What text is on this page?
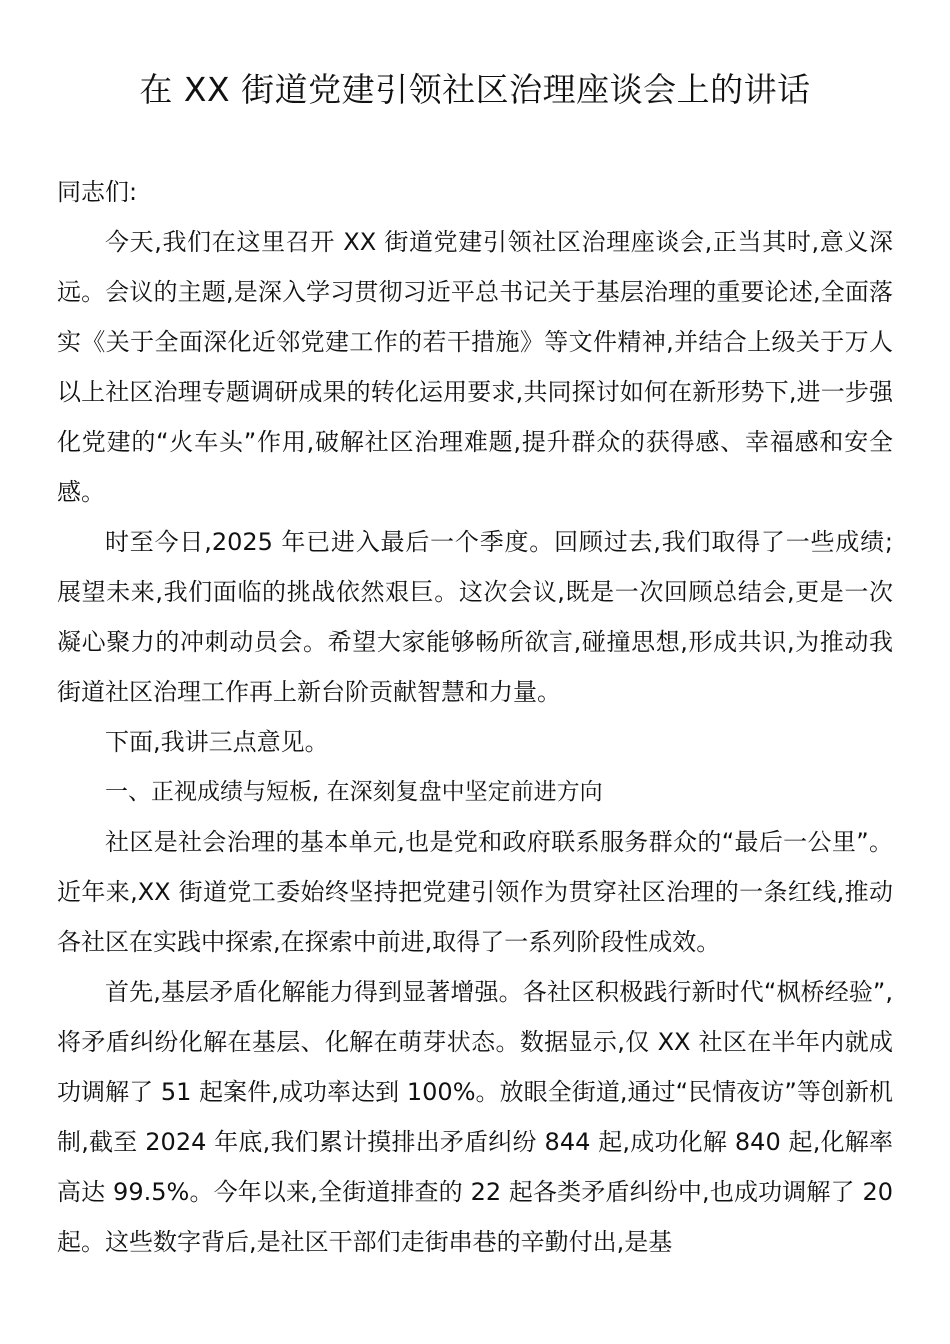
在 XX 街道党建引领社区治理座谈会上的讲话

同志们:

今天,我们在这里召开 XX 街道党建引领社区治理座谈会,正当其时,意义深远。会议的主题,是深入学习贯彻习近平总书记关于基层治理的重要论述,全面落实《关于全面深化近邻党建工作的若干措施》等文件精神,并结合上级关于万人以上社区治理专题调研成果的转化运用要求,共同探讨如何在新形势下,进一步强化党建的“火车头”作用,破解社区治理难题,提升群众的获得感、幸福感和安全感。

时至今日,2025 年已进入最后一个季度。回顾过去,我们取得了一些成绩;展望未来,我们面临的挑战依然艰巨。这次会议,既是一次回顾总结会,更是一次凝心聚力的冲刺动员会。希望大家能够畅所欲言,碰撞思想,形成共识,为推动我街道社区治理工作再上新台阶贡献智慧和力量。

下面,我讲三点意见。

一、正视成绩与短板, 在深刻复盘中坚定前进方向

社区是社会治理的基本单元,也是党和政府联系服务群众的“最后一公里”。近年来,XX 街道党工委始终坚持把党建引领作为贯穿社区治理的一条红线,推动各社区在实践中探索,在探索中前进,取得了一系列阶段性成效。

首先,基层矛盾化解能力得到显著增强。各社区积极践行新时代“枫桥经验”,将矛盾纠纷化解在基层、化解在萌芽状态。数据显示,仅 XX 社区在半年内就成功调解了 51 起案件,成功率达到 100%。放眼全街道,通过“民情夜访”等创新机制,截至 2024 年底,我们累计摸排出矛盾纠纷 844 起,成功化解 840 起,化解率高达 99.5%。今年以来,全街道排查的 22 起各类矛盾纠纷中,也成功调解了 20 起。这些数字背后,是社区干部们走街串巷的辛勤付出,是基
